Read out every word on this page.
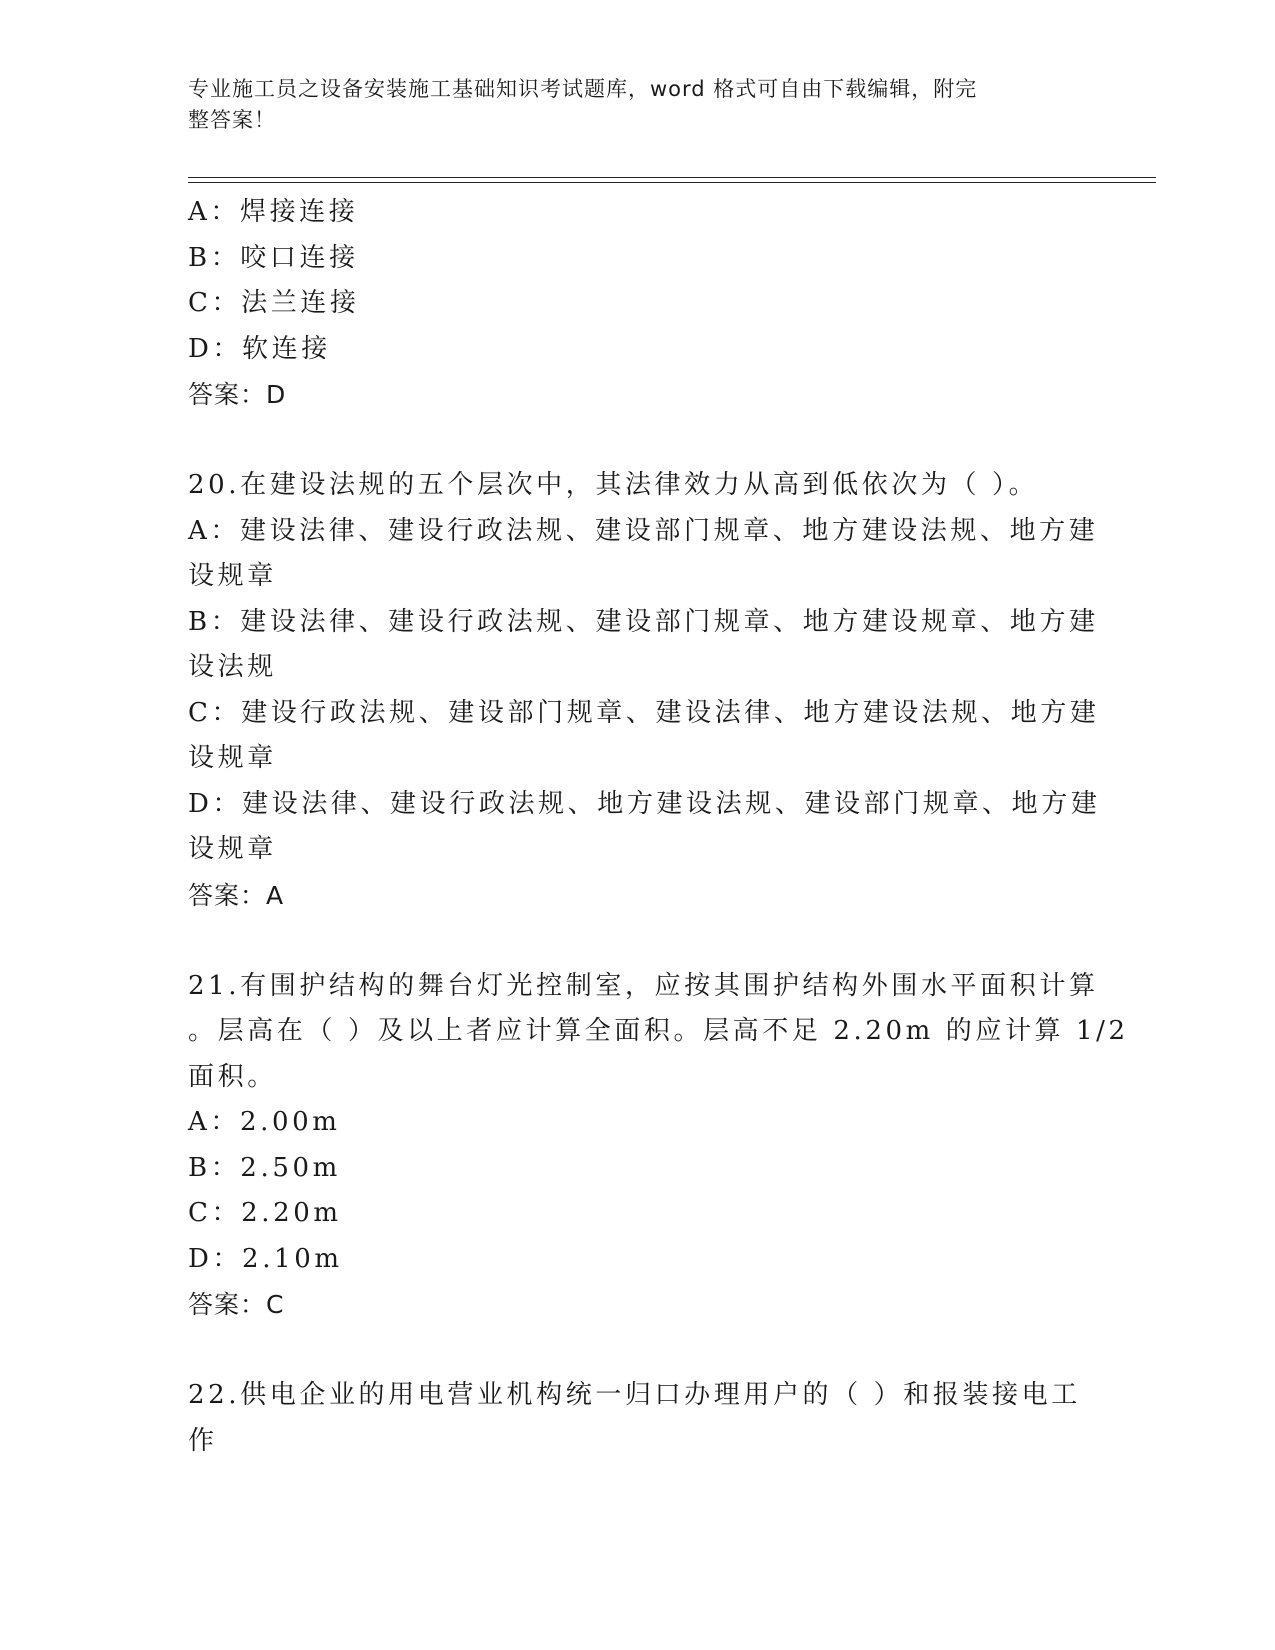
专业施工员之设备安装施工基础知识考试题库，word 格式可自由下载编辑，附完
整答案！
A：焊接连接
B：咬口连接
C：法兰连接
D：软连接
答案：D
20.在建设法规的五个层次中，其法律效力从高到低依次为（ ）。
A：建设法律、建设行政法规、建设部门规章、地方建设法规、地方建
设规章
B：建设法律、建设行政法规、建设部门规章、地方建设规章、地方建
设法规
C：建设行政法规、建设部门规章、建设法律、地方建设法规、地方建
设规章
D：建设法律、建设行政法规、地方建设法规、建设部门规章、地方建
设规章
答案：A
21.有围护结构的舞台灯光控制室，应按其围护结构外围水平面积计算
。层高在（ ）及以上者应计算全面积。层高不足 2.20m 的应计算 1/2
面积。
A：2.00m
B：2.50m
C：2.20m
D：2.10m
答案：C
22.供电企业的用电营业机构统一归口办理用户的（ ）和报装接电工
作
